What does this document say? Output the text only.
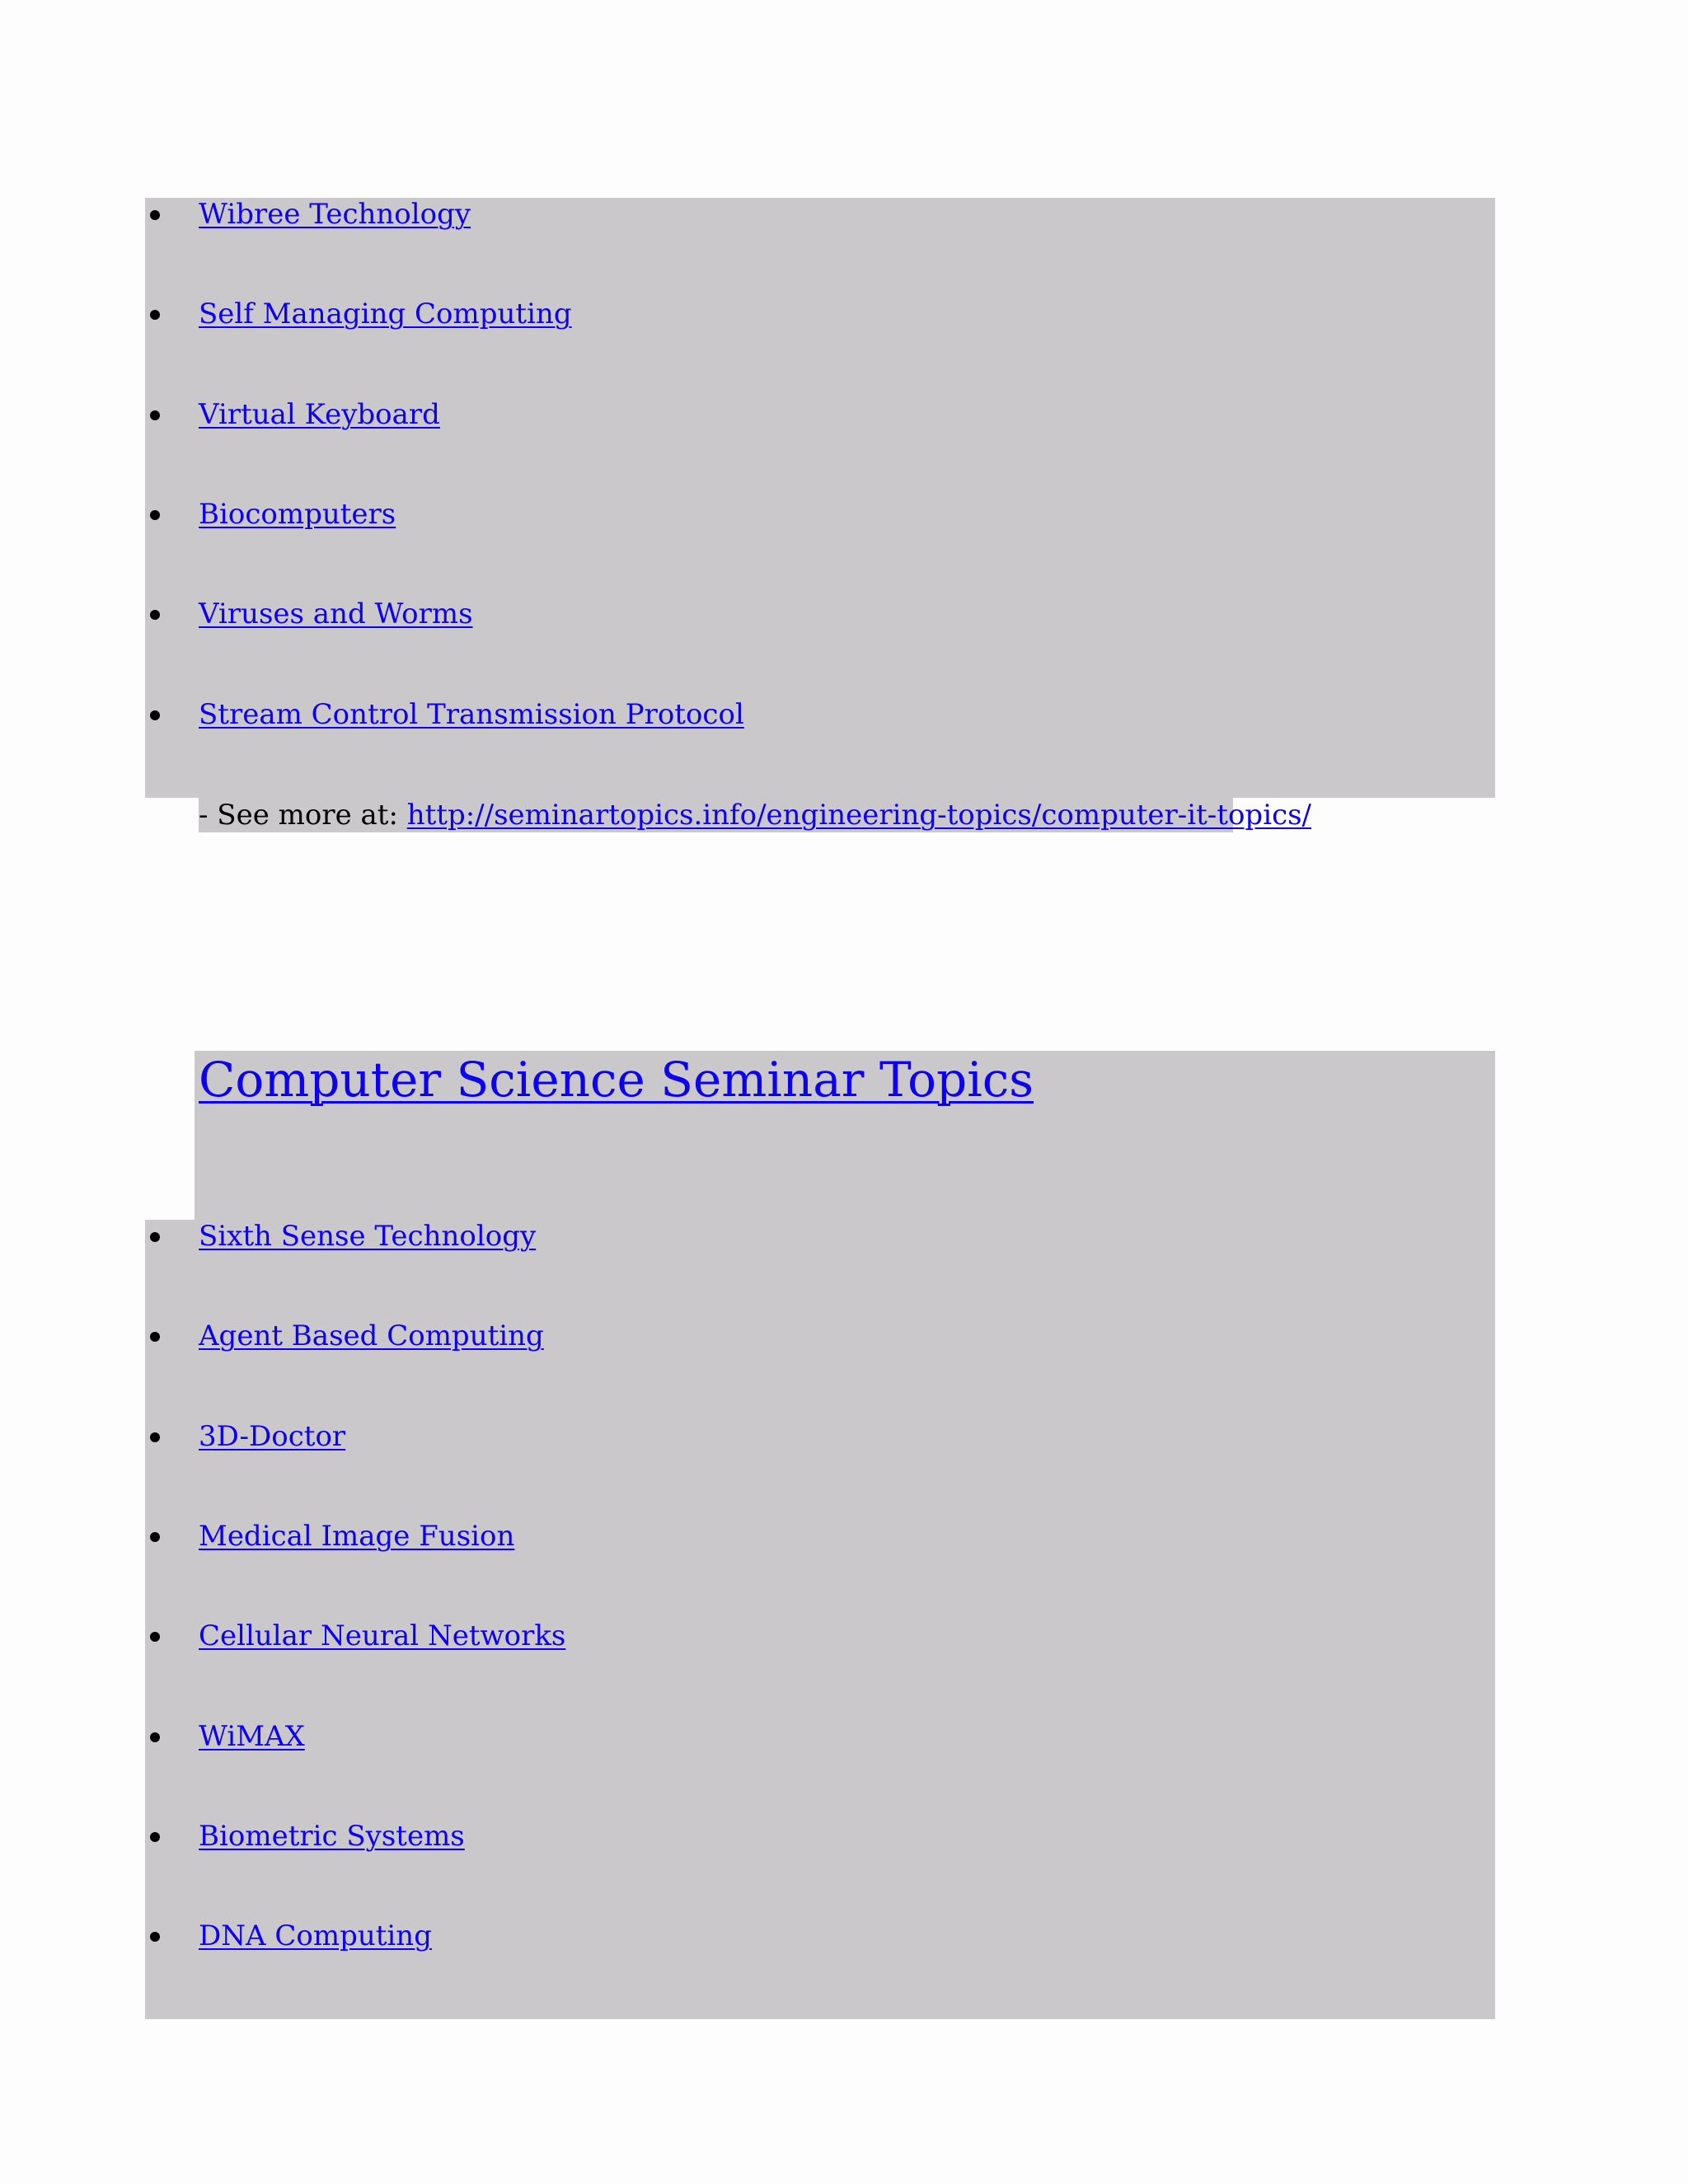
Wibree Technology
Self Managing Computing
Virtual Keyboard
Biocomputers
Viruses and Worms
Stream Control Transmission Protocol
- See more at: http://seminartopics.info/engineering-topics/computer-it-topics/
Computer Science Seminar Topics
Sixth Sense Technology
Agent Based Computing
3D-Doctor
Medical Image Fusion
Cellular Neural Networks
WiMAX
Biometric Systems
DNA Computing
